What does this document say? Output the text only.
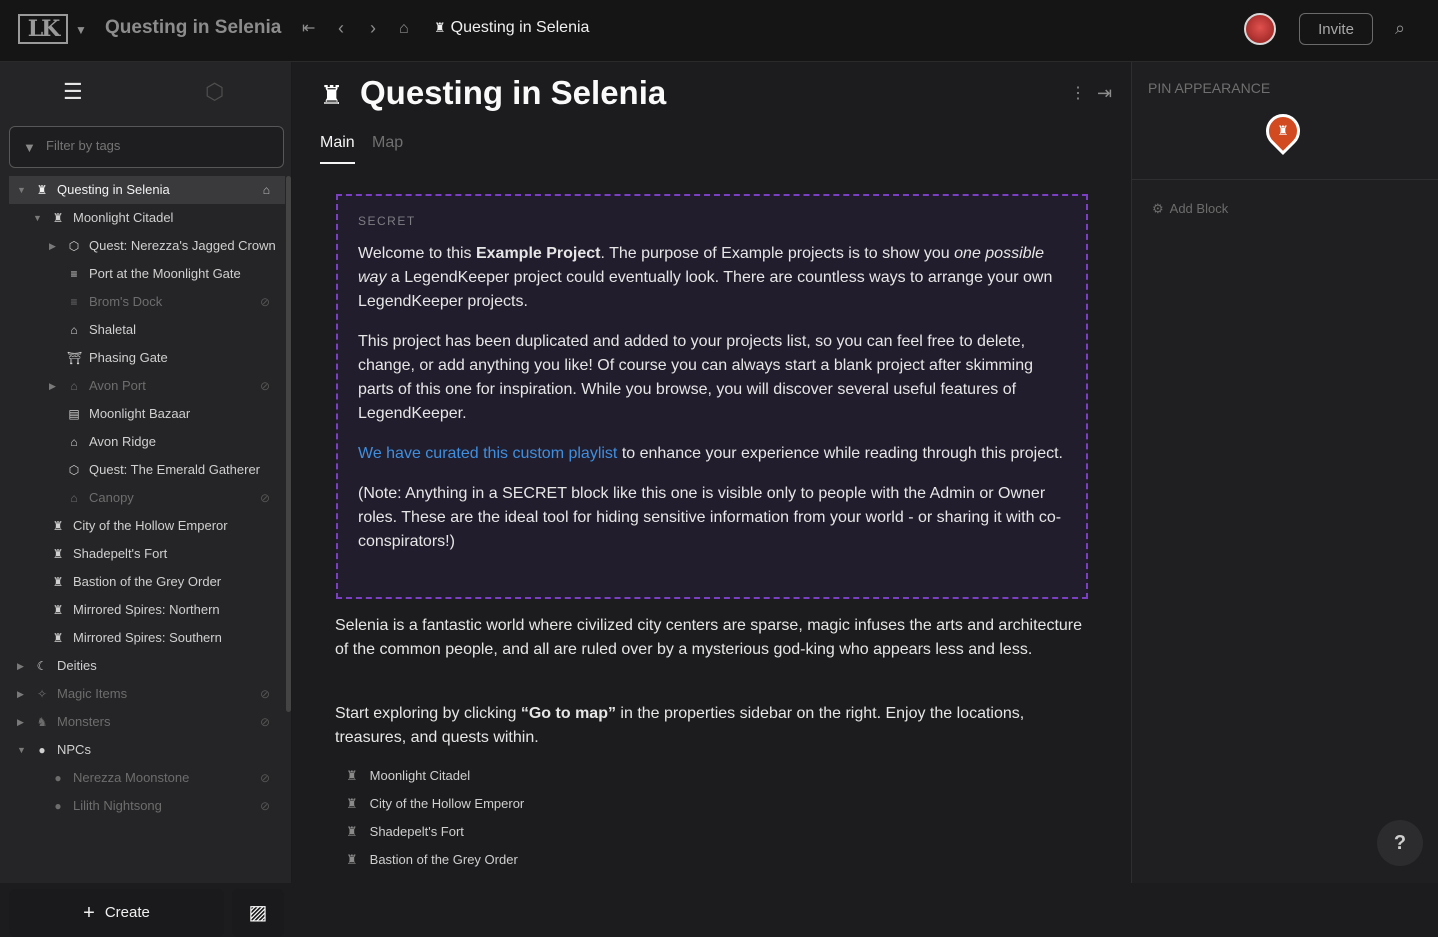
LK	▼ Questing in Selenia ⇤ ‹ › ⌂ ♜ Questing in Selenia	Invite	⌕
☰	⬡
▼
Filter by tags
▼ ♜ Questing in Selenia	⌂
▼ ♜ Moonlight Citadel
▶ ⬡ Quest: Nerezza's Jagged Crown
≡ Port at the Moonlight Gate
≡ Brom's Dock	⊘
⌂ Shaletal
⛩ Phasing Gate
▶ ⌂ Avon Port	⊘
▤ Moonlight Bazaar
⌂ Avon Ridge
⬡ Quest: The Emerald Gatherer
⌂ Canopy	⊘
♜ City of the Hollow Emperor
♜ Shadepelt's Fort
♜ Bastion of the Grey Order
♜ Mirrored Spires: Northern
♜ Mirrored Spires: Southern
▶ ☾ Deities
▶ ✧ Magic Items	⊘
▶ ♞ Monsters	⊘
▼ ● NPCs
● Nerezza Moonstone	⊘
● Lilith Nightsong	⊘
+ Create	▨
♜ Questing in Selenia	⋮ ⇥
Main Map
SECRET
Welcome to this Example Project. The purpose of Example projects is to show you one possible way a LegendKeeper project could eventually look. There are countless ways to arrange your own LegendKeeper projects.
This project has been duplicated and added to your projects list, so you can feel free to delete, change, or add anything you like! Of course you can always start a blank project after skimming parts of this one for inspiration. While you browse, you will discover several useful features of LegendKeeper.
We have curated this custom playlist to enhance your experience while reading through this project.
(Note: Anything in a SECRET block like this one is visible only to people with the Admin or Owner roles. These are the ideal tool for hiding sensitive information from your world - or sharing it with co-conspirators!)
Selenia is a fantastic world where civilized city centers are sparse, magic infuses the arts and architecture of the common people, and all are ruled over by a mysterious god-king who appears less and less.
Start exploring by clicking “Go to map” in the properties sidebar on the right. Enjoy the locations, treasures, and quests within.
♜ Moonlight Citadel
♜ City of the Hollow Emperor
♜ Shadepelt's Fort
♜ Bastion of the Grey Order
PIN APPEARANCE
♜
⚙ Add Block
?
